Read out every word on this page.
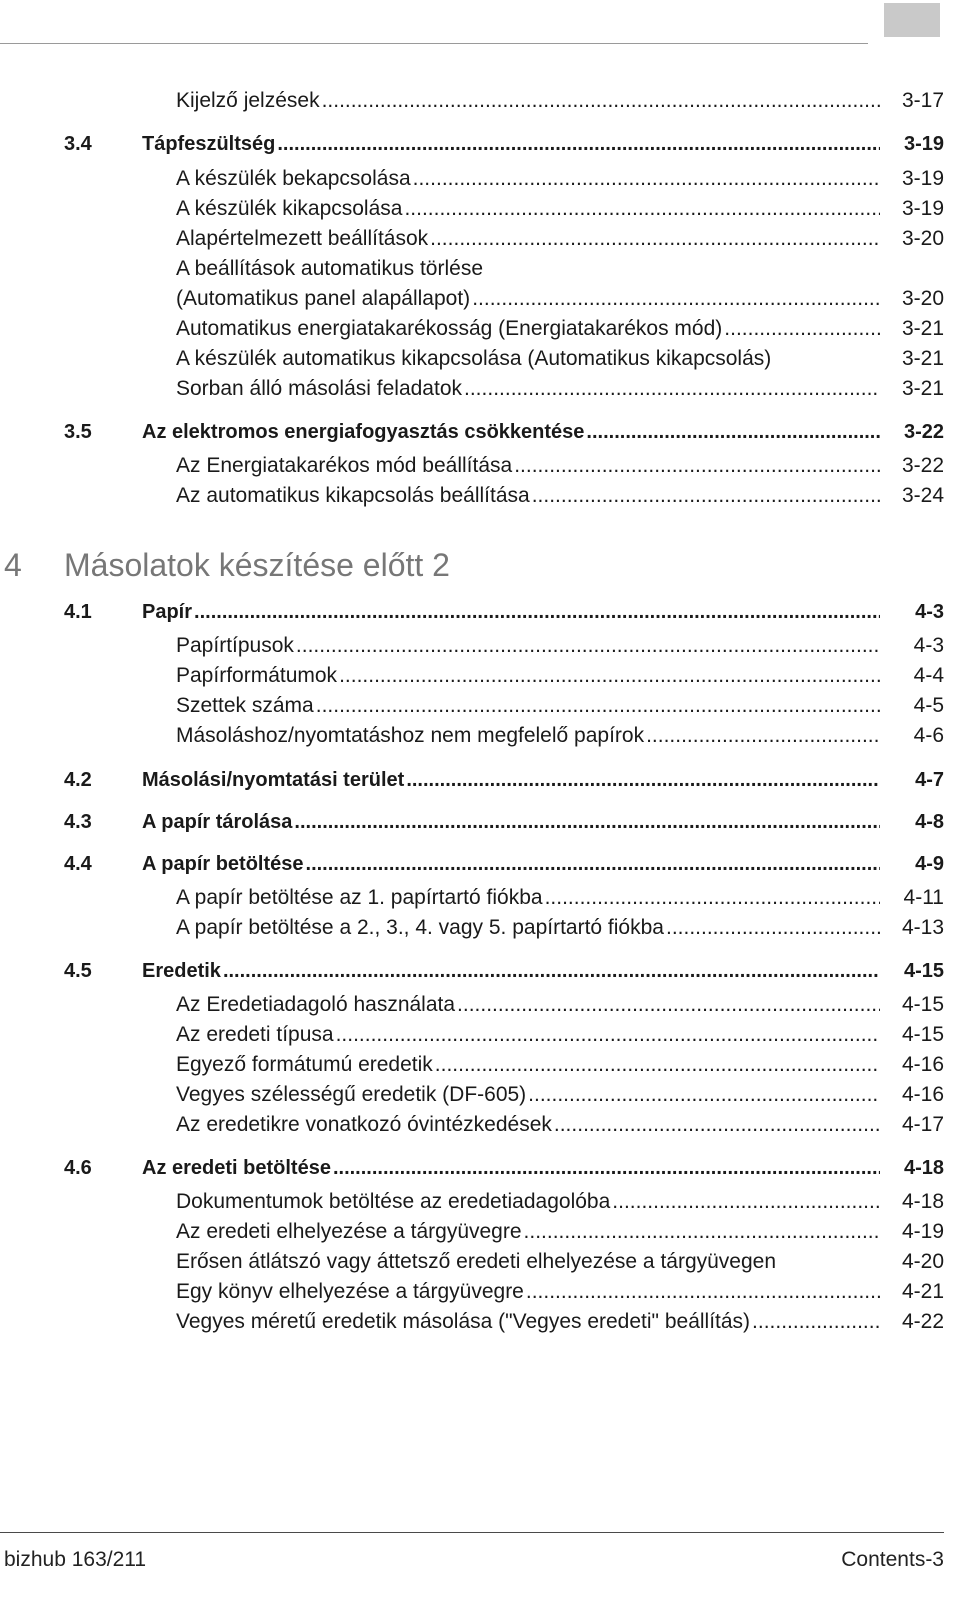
Kijelző jelzések .....	3-17
3.4	Tápfeszültség .....	3-19
A készülék bekapcsolása .....	3-19
A készülék kikapcsolása .....	3-19
Alapértelmezett beállítások .....	3-20
A beállítások automatikus törlése
(Automatikus panel alapállapot) .....	3-20
Automatikus energiatakarékosság (Energiatakarékos mód) .....	3-21
A készülék automatikus kikapcsolása (Automatikus kikapcsolás)	3-21
Sorban álló másolási feladatok .....	3-21
3.5	Az elektromos energiafogyasztás csökkentése .....	3-22
Az Energiatakarékos mód beállítása .....	3-22
Az automatikus kikapcsolás beállítása .....	3-24
4 Másolatok készítése előtt 2
4.1	Papír .....	4-3
Papírtípusok .....	4-3
Papírformátumok .....	4-4
Szettek száma .....	4-5
Másoláshoz/nyomtatáshoz nem megfelelő papírok .....	4-6
4.2	Másolási/nyomtatási terület .....	4-7
4.3	A papír tárolása .....	4-8
4.4	A papír betöltése .....	4-9
A papír betöltése az 1. papírtartó fiókba .....	4-11
A papír betöltése a 2., 3., 4. vagy 5. papírtartó fiókba .....	4-13
4.5	Eredetik .....	4-15
Az Eredetiadagoló használata .....	4-15
Az eredeti típusa .....	4-15
Egyező formátumú eredetik .....	4-16
Vegyes szélességű eredetik (DF-605) .....	4-16
Az eredetikre vonatkozó óvintézkedések .....	4-17
4.6	Az eredeti betöltése .....	4-18
Dokumentumok betöltése az eredetiadagolóba .....	4-18
Az eredeti elhelyezése a tárgyüvegre .....	4-19
Erősen átlátszó vagy áttetsző eredeti elhelyezése a tárgyüvegen	4-20
Egy könyv elhelyezése a tárgyüvegre .....	4-21
Vegyes méretű eredetik másolása ("Vegyes eredeti" beállítás) .....	4-22
bizhub 163/211	Contents-3
